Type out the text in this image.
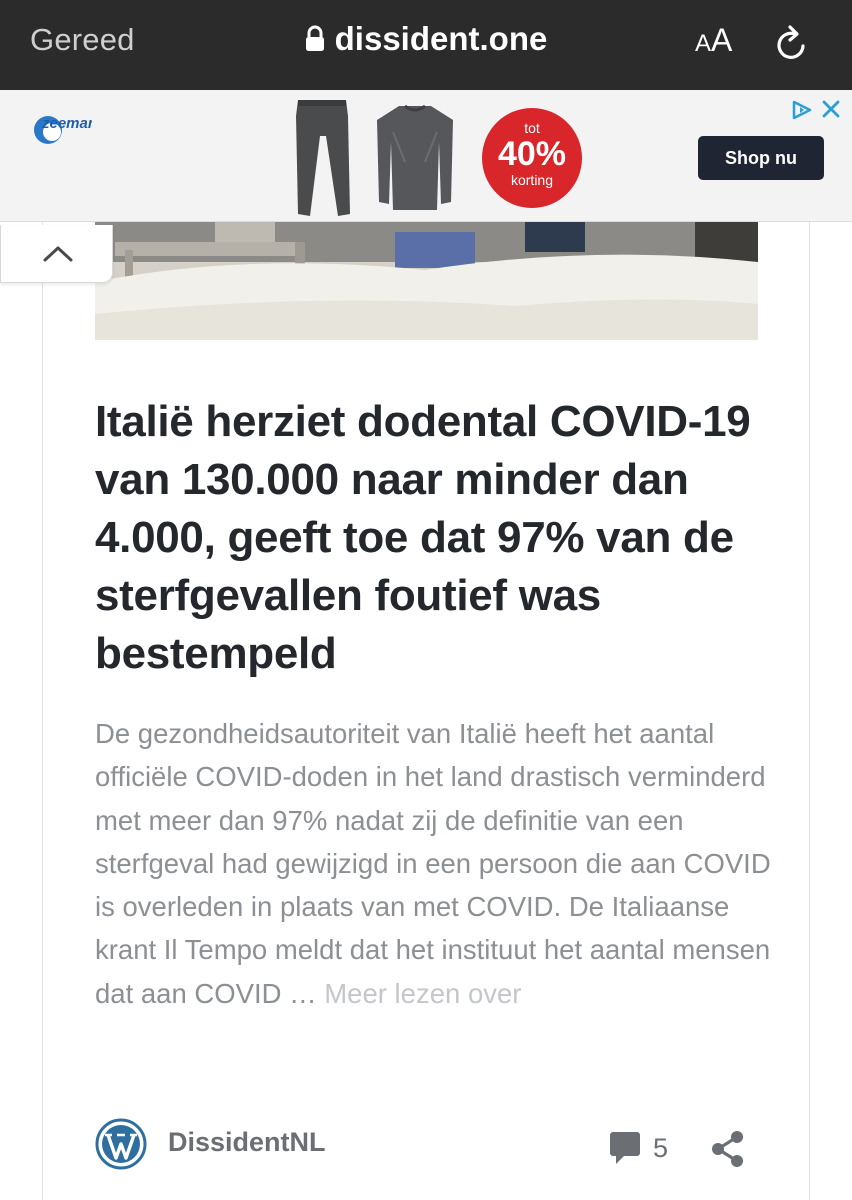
Gereed	dissident.one	AA
zeeman	tot
40%
korting
Shop nu
Italië herziet dodental COVID-19 van 130.000 naar minder dan 4.000, geeft toe dat 97% van de sterfgevallen foutief was bestempeld

De gezondheidsautoriteit van Italië heeft het aantal officiële COVID-doden in het land drastisch verminderd met meer dan 97% nadat zij de definitie van een sterfgeval had gewijzigd in een persoon die aan COVID is overleden in plaats van met COVID. De Italiaanse krant Il Tempo meldt dat het instituut het aantal mensen dat aan COVID … Meer lezen over

DissidentNL	5
